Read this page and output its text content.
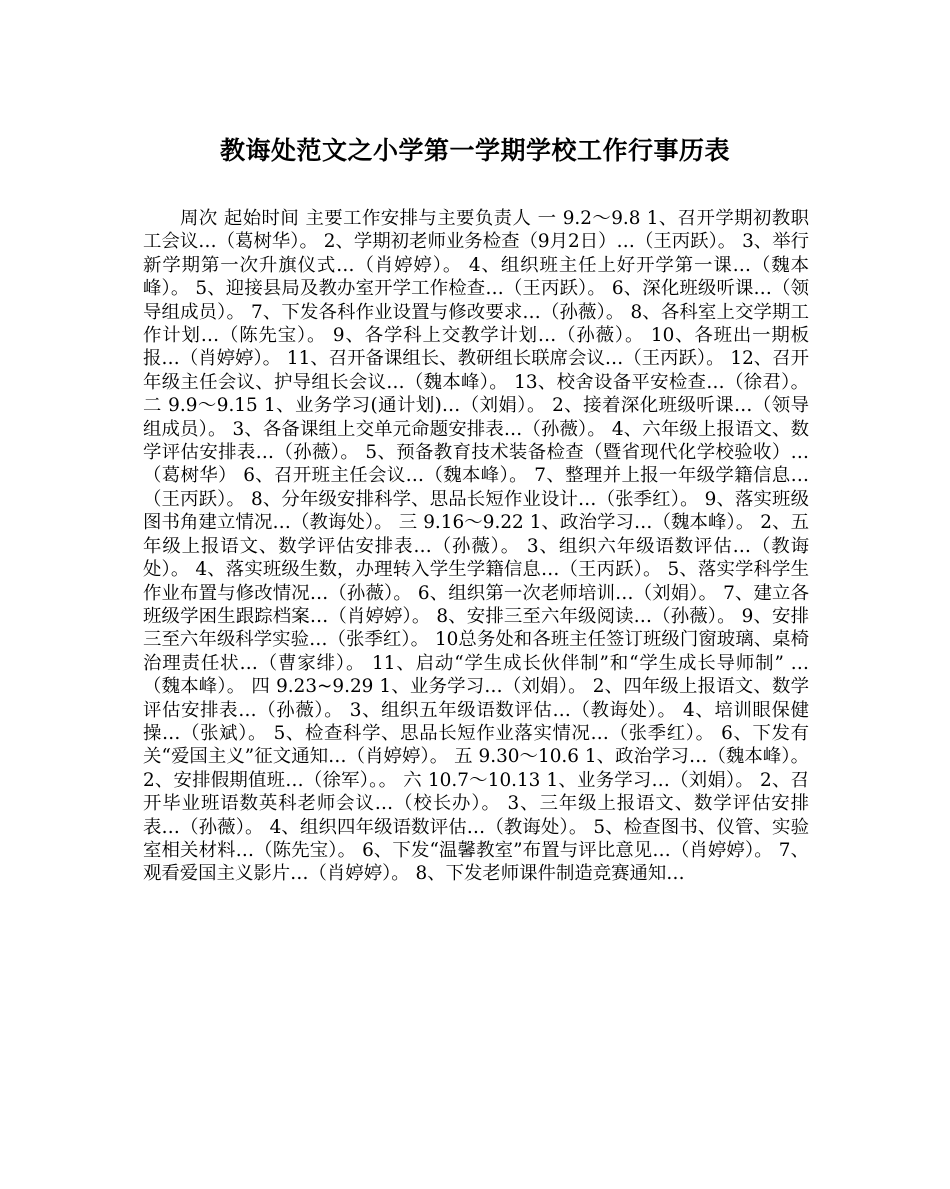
教诲处范文之小学第一学期学校工作行事历表

周次 起始时间 主要工作安排与主要负责人 一 9.2～9.8 1、召开学期初教职工会议…（葛树华）。 2、学期初老师业务检查（9月2日）…（王丙跃）。 3、举行新学期第一次升旗仪式…（肖婷婷）。 4、组织班主任上好开学第一课…（魏本峰）。 5、迎接县局及教办室开学工作检查…（王丙跃）。 6、深化班级听课…（领导组成员）。 7、下发各科作业设置与修改要求…（孙薇）。 8、各科室上交学期工作计划…（陈先宝）。 9、各学科上交教学计划…（孙薇）。 10、各班出一期板报…（肖婷婷）。 11、召开备课组长、教研组长联席会议…（王丙跃）。 12、召开年级主任会议、护导组长会议…（魏本峰）。 13、校舍设备平安检查…（徐君）。 二 9.9～9.15 1、业务学习(通计划)…（刘娟）。 2、接着深化班级听课…（领导组成员）。 3、各备课组上交单元命题安排表…（孙薇）。 4、六年级上报语文、数学评估安排表…（孙薇）。 5、预备教育技术装备检查（暨省现代化学校验收）…（葛树华） 6、召开班主任会议…（魏本峰）。 7、整理并上报一年级学籍信息…（王丙跃）。 8、分年级安排科学、思品长短作业设计…（张季红）。 9、落实班级图书角建立情况…（教诲处）。 三 9.16～9.22 1、政治学习…（魏本峰）。 2、五年级上报语文、数学评估安排表…（孙薇）。 3、组织六年级语数评估…（教诲处）。 4、落实班级生数，办理转入学生学籍信息…（王丙跃）。 5、落实学科学生作业布置与修改情况…（孙薇）。 6、组织第一次老师培训…（刘娟）。 7、建立各班级学困生跟踪档案…（肖婷婷）。 8、安排三至六年级阅读…（孙薇）。 9、安排三至六年级科学实验…（张季红）。 10总务处和各班主任签订班级门窗玻璃、桌椅治理责任状…（曹家绯）。 11、启动“学生成长伙伴制”和“学生成长导师制” …（魏本峰）。 四 9.23~9.29 1、业务学习…（刘娟）。 2、四年级上报语文、数学评估安排表…（孙薇）。 3、组织五年级语数评估…（教诲处）。 4、培训眼保健操…（张斌）。 5、检查科学、思品长短作业落实情况…（张季红）。 6、下发有关“爱国主义”征文通知…（肖婷婷）。 五 9.30～10.6 1、政治学习…（魏本峰）。 2、安排假期值班…（徐军）。。 六 10.7～10.13 1、业务学习…（刘娟）。 2、召开毕业班语数英科老师会议…（校长办）。 3、三年级上报语文、数学评估安排表…（孙薇）。 4、组织四年级语数评估…（教诲处）。 5、检查图书、仪管、实验室相关材料…（陈先宝）。 6、下发“温馨教室”布置与评比意见…（肖婷婷）。 7、观看爱国主义影片…（肖婷婷）。 8、下发老师课件制造竞赛通知…
